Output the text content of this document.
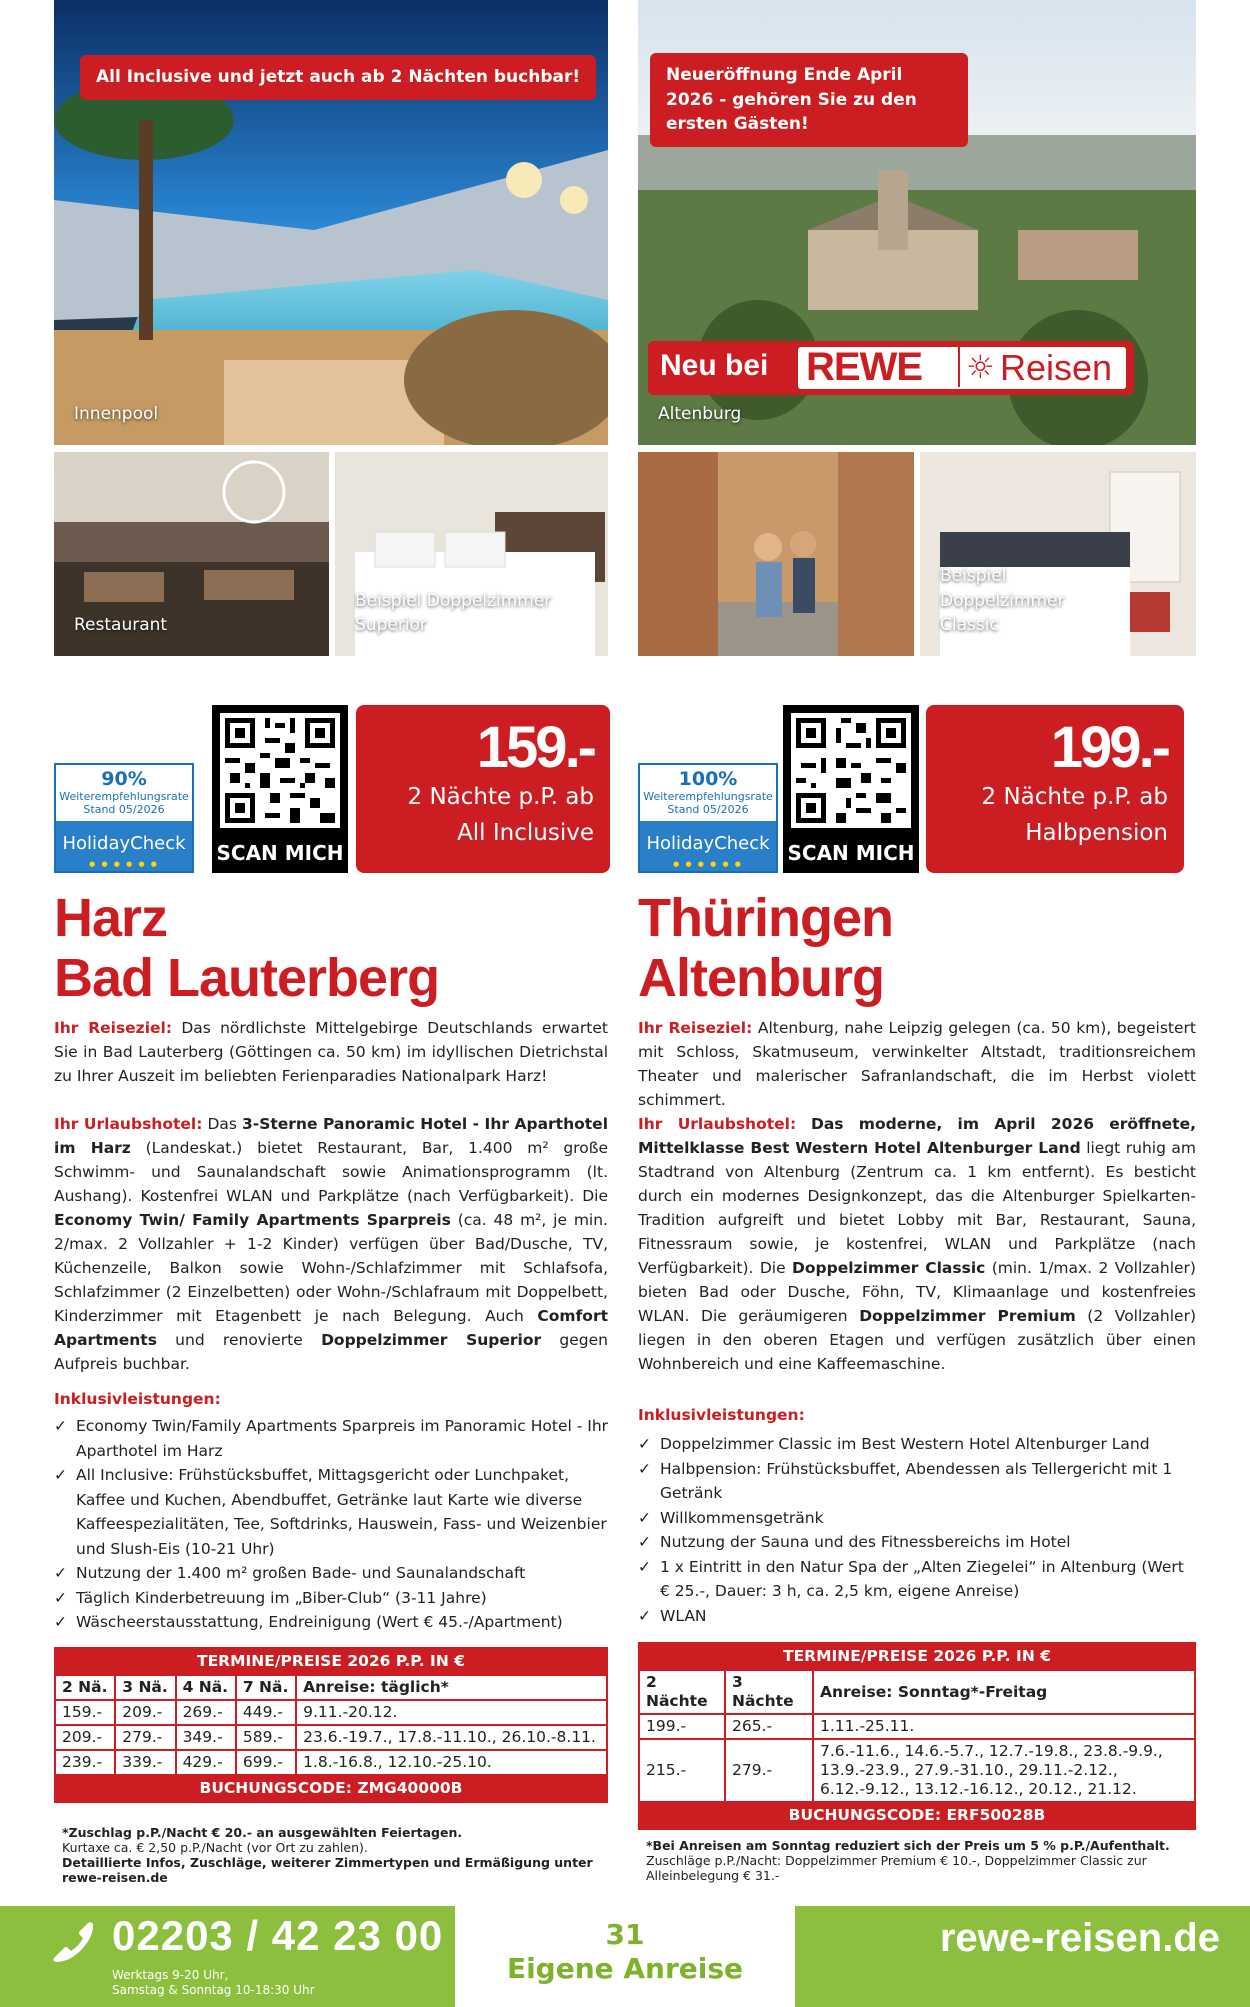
All Inclusive und jetzt auch ab 2 Nächten buchbar!
Innenpool
Restaurant
Beispiel Doppelzimmer Superior
90%
Weiterempfehlungsrate
Stand 05/2026
HolidayCheck
● ● ● ● ● ●	SCAN MICH
159.-
2 Nächte p.P. ab
All Inclusive
Harz
Bad Lauterberg
Ihr Reiseziel: Das nördlichste Mittelgebirge Deutschlands erwartet Sie in Bad Lauterberg (Göttingen ca. 50 km) im idyllischen Dietrichstal zu Ihrer Auszeit im beliebten Ferienparadies Nationalpark Harz!
Ihr Urlaubshotel: Das 3-Sterne Panoramic Hotel - Ihr Aparthotel im Harz (Landeskat.) bietet Restaurant, Bar, 1.400 m² große Schwimm- und Saunalandschaft sowie Animationsprogramm (lt. Aushang). Kostenfrei WLAN und Parkplätze (nach Verfügbarkeit). Die Economy Twin/ Family Apartments Sparpreis (ca. 48 m², je min. 2/max. 2 Vollzahler + 1-2 Kinder) verfügen über Bad/Dusche, TV, Küchenzeile, Balkon sowie Wohn-/Schlafzimmer mit Schlafsofa, Schlafzimmer (2 Einzelbetten) oder Wohn-/Schlafraum mit Doppelbett, Kinderzimmer mit Etagenbett je nach Belegung. Auch Comfort Apartments und renovierte Doppelzimmer Superior gegen Aufpreis buchbar.
Inklusivleistungen:
✓ Economy Twin/Family Apartments Sparpreis im Panoramic Hotel - Ihr Aparthotel im Harz
✓ All Inclusive: Frühstücksbuffet, Mittagsgericht oder Lunchpaket, Kaffee und Kuchen, Abendbuffet, Getränke laut Karte wie diverse Kaffeespezialitäten, Tee, Softdrinks, Hauswein, Fass- und Weizenbier und Slush-Eis (10-21 Uhr)
✓ Nutzung der 1.400 m² großen Bade- und Saunalandschaft
✓ Täglich Kinderbetreuung im „Biber-Club“ (3-11 Jahre)
✓ Wäscheerstausstattung, Endreinigung (Wert € 45.-/Apartment)
TERMINE/PREISE 2026 P.P. IN €				
2 Nä.	3 Nä.	4 Nä.	7 Nä.	Anreise: täglich*
159.-	209.-	269.-	449.-	9.11.-20.12.
209.-	279.-	349.-	589.-	23.6.-19.7., 17.8.-11.10., 26.10.-8.11.
239.-	339.-	429.-	699.-	1.8.-16.8., 12.10.-25.10.
BUCHUNGSCODE: ZMG40000B				
*Zuschlag p.P./Nacht € 20.- an ausgewählten Feiertagen.
Kurtaxe ca. € 2,50 p.P./Nacht (vor Ort zu zahlen).
Detaillierte Infos, Zuschläge, weiterer Zimmertypen und Ermäßigung unter rewe-reisen.de
Neueröffnung Ende April 2026 - gehören Sie zu den ersten Gästen!
Neu bei REWE ☼ Reisen
Altenburg
Beispiel Doppelzimmer Classic
100%
Weiterempfehlungsrate
Stand 05/2026
HolidayCheck
● ● ● ● ● ●	SCAN MICH
199.-
2 Nächte p.P. ab
Halbpension
Thüringen
Altenburg
Ihr Reiseziel: Altenburg, nahe Leipzig gelegen (ca. 50 km), begeistert mit Schloss, Skatmuseum, verwinkelter Altstadt, traditionsreichem Theater und malerischer Safranlandschaft, die im Herbst violett schimmert.
Ihr Urlaubshotel: Das moderne, im April 2026 eröffnete, Mittelklasse Best Western Hotel Altenburger Land liegt ruhig am Stadtrand von Altenburg (Zentrum ca. 1 km entfernt). Es besticht durch ein modernes Designkonzept, das die Altenburger Spielkarten-Tradition aufgreift und bietet Lobby mit Bar, Restaurant, Sauna, Fitnessraum sowie, je kostenfrei, WLAN und Parkplätze (nach Verfügbarkeit). Die Doppelzimmer Classic (min. 1/max. 2 Vollzahler) bieten Bad oder Dusche, Föhn, TV, Klimaanlage und kostenfreies WLAN. Die geräumigeren Doppelzimmer Premium (2 Vollzahler) liegen in den oberen Etagen und verfügen zusätzlich über einen Wohnbereich und eine Kaffeemaschine.
Inklusivleistungen:
✓ Doppelzimmer Classic im Best Western Hotel Altenburger Land
✓ Halbpension: Frühstücksbuffet, Abendessen als Tellergericht mit 1 Getränk
✓ Willkommensgetränk
✓ Nutzung der Sauna und des Fitnessbereichs im Hotel
✓ 1 x Eintritt in den Natur Spa der „Alten Ziegelei“ in Altenburg (Wert € 25.-, Dauer: 3 h, ca. 2,5 km, eigene Anreise)
✓ WLAN
TERMINE/PREISE 2026 P.P. IN €		
2 Nächte	3 Nächte	Anreise: Sonntag*-Freitag
199.-	265.-	1.11.-25.11.
215.-	279.-	7.6.-11.6., 14.6.-5.7., 12.7.-19.8., 23.8.-9.9., 13.9.-23.9., 27.9.-31.10., 29.11.-2.12., 6.12.-9.12., 13.12.-16.12., 20.12., 21.12.
BUCHUNGSCODE: ERF50028B		
*Bei Anreisen am Sonntag reduziert sich der Preis um 5 % p.P./Aufenthalt.
Zuschläge p.P./Nacht: Doppelzimmer Premium € 10.-, Doppelzimmer Classic zur Alleinbelegung € 31.-
02203 / 42 23 00
Werktags 9-20 Uhr,
Samstag & Sonntag 10-18:30 Uhr
31
Eigene Anreise
rewe-reisen.de
